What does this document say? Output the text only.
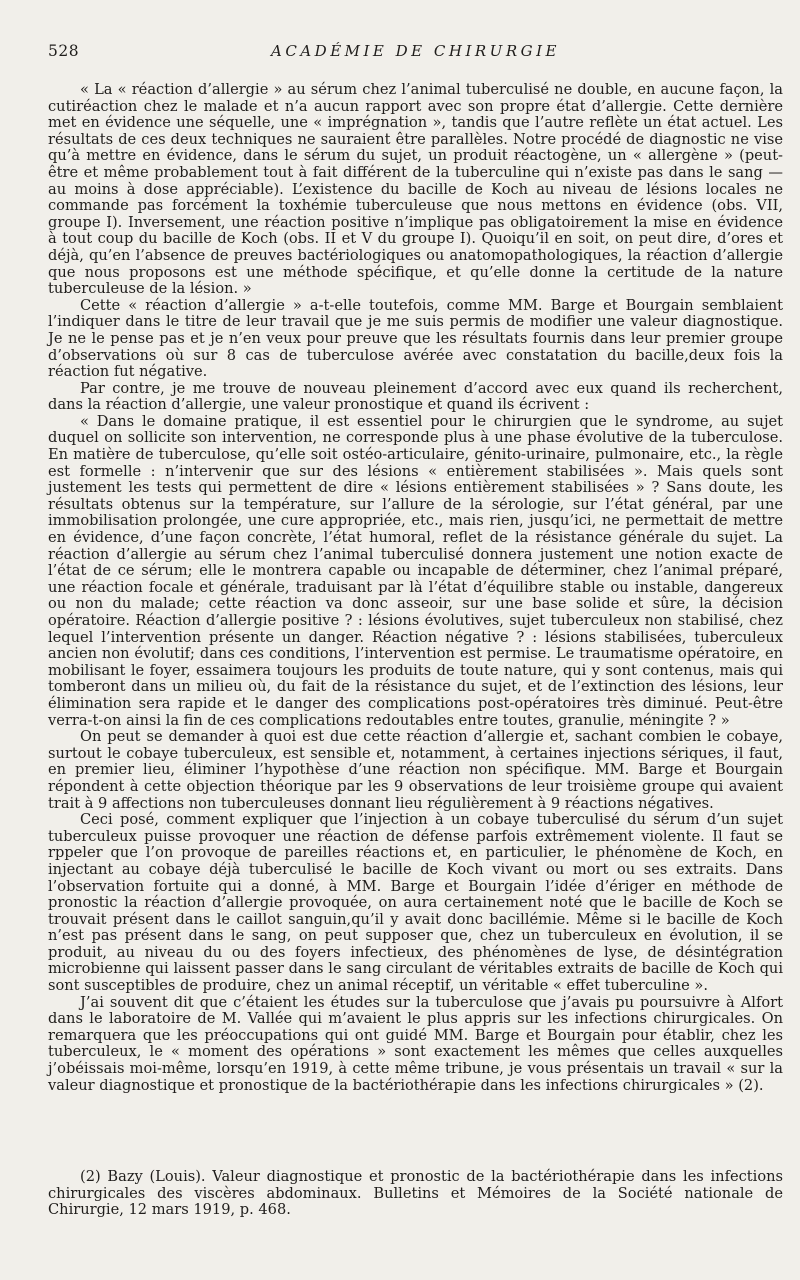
528	ACADÉMIE DE CHIRURGIE

« La « réaction d’allergie » au sérum chez l’animal tuberculisé ne double, en aucune façon, la cutiréaction chez le malade et n’a aucun rapport avec son propre état d’allergie. Cette dernière met en évidence une séquelle, une « imprégnation », tandis que l’autre reflète un état actuel. Les résultats de ces deux techniques ne sauraient être parallèles. Notre procédé de diagnostic ne vise qu’à mettre en évidence, dans le sérum du sujet, un produit réactogène, un « allergène » (peut-être et même probablement tout à fait différent de la tuberculine qui n’existe pas dans le sang — au moins à dose appréciable). L’existence du bacille de Koch au niveau de lésions locales ne commande pas forcément la toxhémie tuberculeuse que nous mettons en évidence (obs. VII, groupe I). Inversement, une réaction positive n’implique pas obligatoirement la mise en évidence à tout coup du bacille de Koch (obs. II et V du groupe I). Quoiqu’il en soit, on peut dire, d’ores et déjà, qu’en l’absence de preuves bactériologiques ou anatomopathologiques, la réaction d’allergie que nous proposons est une méthode spécifique, et qu’elle donne la certitude de la nature tuberculeuse de la lésion. »

Cette « réaction d’allergie » a-t-elle toutefois, comme MM. Barge et Bourgain semblaient l’indiquer dans le titre de leur travail que je me suis permis de modifier une valeur diagnostique. Je ne le pense pas et je n’en veux pour preuve que les résultats fournis dans leur premier groupe d’observations où sur 8 cas de tuberculose avérée avec constatation du bacille,deux fois la réaction fut négative.

Par contre, je me trouve de nouveau pleinement d’accord avec eux quand ils recherchent, dans la réaction d’allergie, une valeur pronostique et quand ils écrivent :

« Dans le domaine pratique, il est essentiel pour le chirurgien que le syndrome, au sujet duquel on sollicite son intervention, ne corresponde plus à une phase évolutive de la tuberculose. En matière de tuberculose, qu’elle soit ostéo-articulaire, génito-urinaire, pulmonaire, etc., la règle est formelle : n’intervenir que sur des lésions « entièrement stabilisées ». Mais quels sont justement les tests qui permettent de dire « lésions entièrement stabilisées » ? Sans doute, les résultats obtenus sur la température, sur l’allure de la sérologie, sur l’état général, par une immobilisation prolongée, une cure appropriée, etc., mais rien, jusqu’ici, ne permettait de mettre en évidence, d’une façon concrète, l’état humoral, reflet de la résistance générale du sujet. La réaction d’allergie au sérum chez l’animal tuberculisé donnera justement une notion exacte de l’état de ce sérum; elle le montrera capable ou incapable de déterminer, chez l’animal préparé, une réaction focale et générale, traduisant par là l’état d’équilibre stable ou instable, dangereux ou non du malade; cette réaction va donc asseoir, sur une base solide et sûre, la décision opératoire. Réaction d’allergie positive ? : lésions évolutives, sujet tuberculeux non stabilisé, chez lequel l’intervention présente un danger. Réaction négative ? : lésions stabilisées, tuberculeux ancien non évolutif; dans ces conditions, l’intervention est permise. Le traumatisme opératoire, en mobilisant le foyer, essaimera toujours les produits de toute nature, qui y sont contenus, mais qui tomberont dans un milieu où, du fait de la résistance du sujet, et de l’extinction des lésions, leur élimination sera rapide et le danger des complications post-opératoires très diminué. Peut-être verra-t-on ainsi la fin de ces complications redoutables entre toutes, granulie, méningite ? »

On peut se demander à quoi est due cette réaction d’allergie et, sachant combien le cobaye, surtout le cobaye tuberculeux, est sensible et, notamment, à certaines injections sériques, il faut, en premier lieu, éliminer l’hypothèse d’une réaction non spécifique. MM. Barge et Bourgain répondent à cette objection théorique par les 9 observations de leur troisième groupe qui avaient trait à 9 affections non tuberculeuses donnant lieu régulièrement à 9 réactions négatives.

Ceci posé, comment expliquer que l’injection à un cobaye tuberculisé du sérum d’un sujet tuberculeux puisse provoquer une réaction de défense parfois extrêmement violente. Il faut se rppeler que l’on provoque de pareilles réactions et, en particulier, le phénomène de Koch, en injectant au cobaye déjà tuberculisé le bacille de Koch vivant ou mort ou ses extraits. Dans l’observation fortuite qui a donné, à MM. Barge et Bourgain l’idée d’ériger en méthode de pronostic la réaction d’allergie provoquée, on aura certainement noté que le bacille de Koch se trouvait présent dans le caillot sanguin,qu’il y avait donc bacillémie. Même si le bacille de Koch n’est pas présent dans le sang, on peut supposer que, chez un tuberculeux en évolution, il se produit, au niveau du ou des foyers infectieux, des phénomènes de lyse, de désintégration microbienne qui laissent passer dans le sang circulant de véritables extraits de bacille de Koch qui sont susceptibles de produire, chez un animal réceptif, un véritable « effet tuberculine ».

J’ai souvent dit que c’étaient les études sur la tuberculose que j’avais pu poursuivre à Alfort dans le laboratoire de M. Vallée qui m’avaient le plus appris sur les infections chirurgicales. On remarquera que les préoccupations qui ont guidé MM. Barge et Bourgain pour établir, chez les tuberculeux, le « moment des opérations » sont exactement les mêmes que celles auxquelles j’obéissais moi-même, lorsqu’en 1919, à cette même tribune, je vous présentais un travail « sur la valeur diagnostique et pronostique de la bactériothérapie dans les infections chirurgicales » (2).

(2) Bazy (Louis). Valeur diagnostique et pronostic de la bactériothérapie dans les infections chirurgicales des viscères abdominaux. Bulletins et Mémoires de la Société nationale de Chirurgie, 12 mars 1919, p. 468.
